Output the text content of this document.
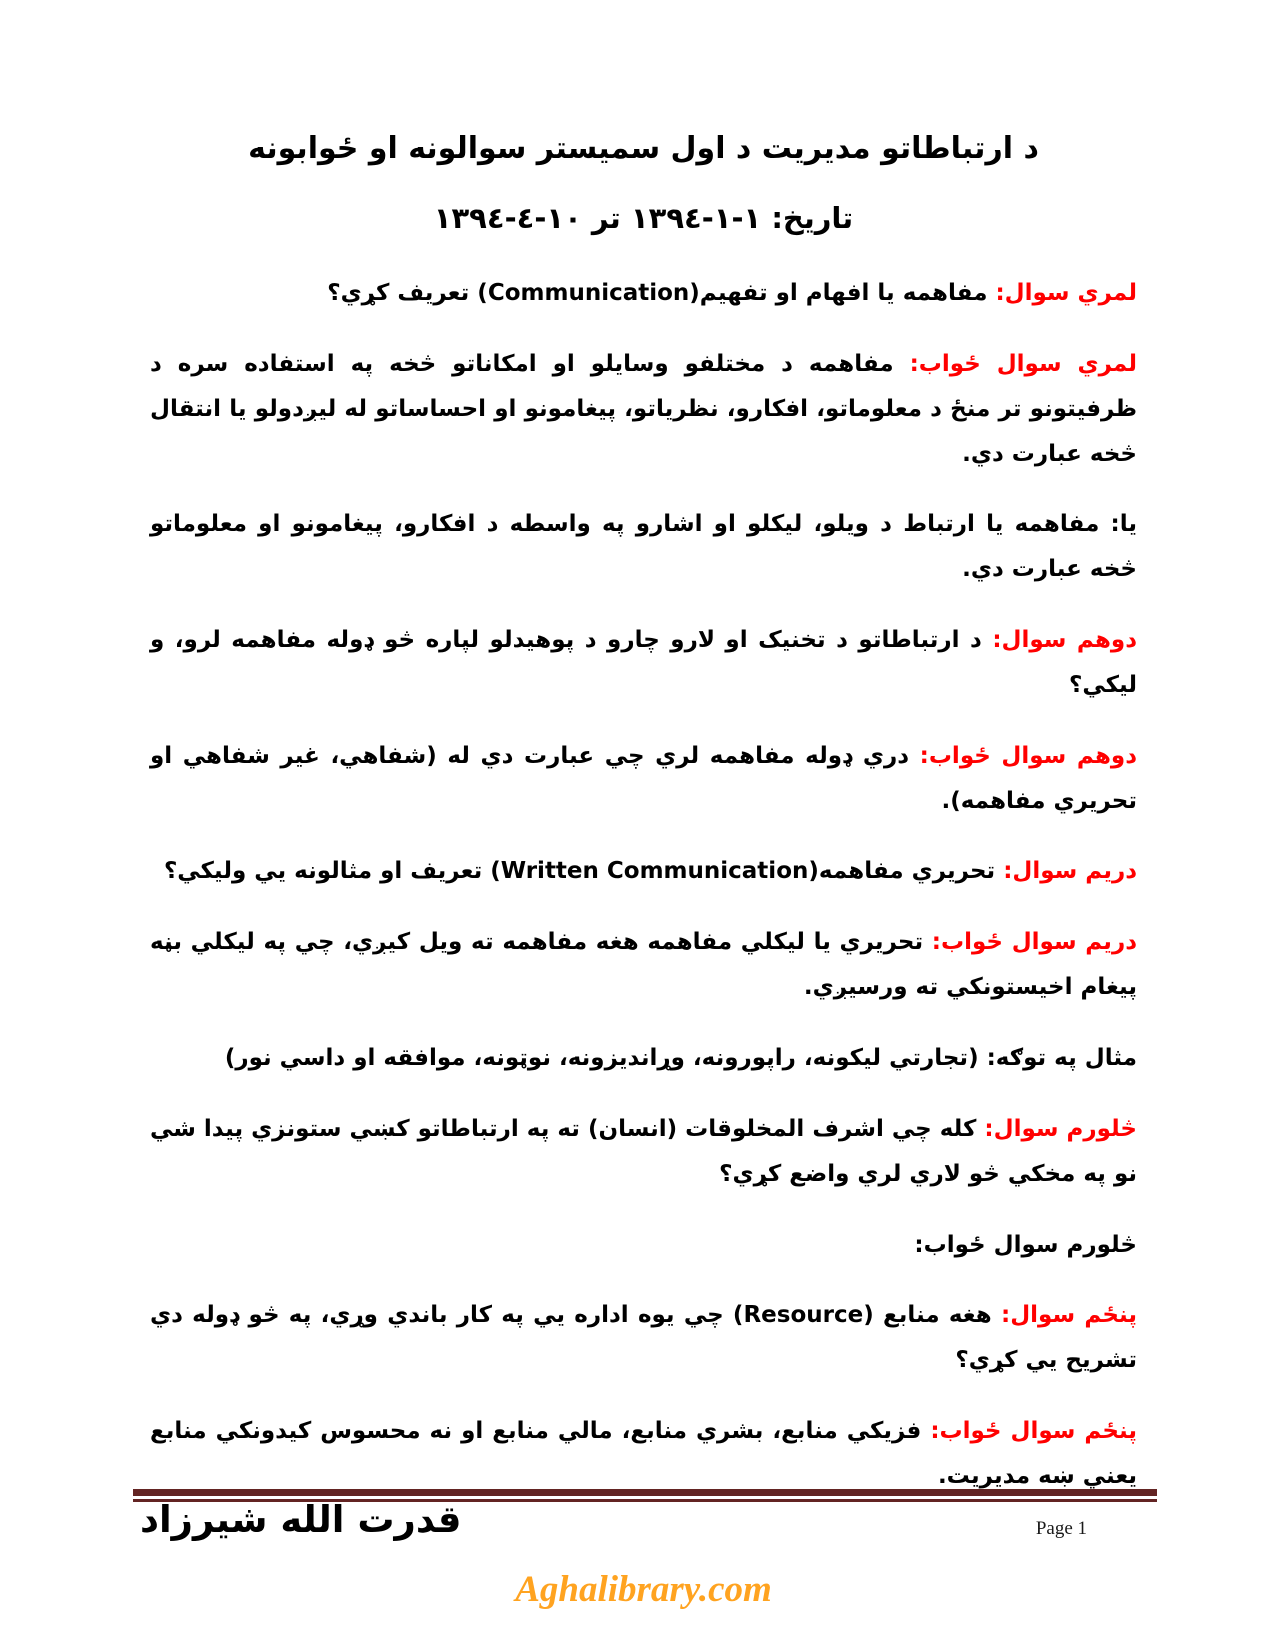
د ارتباطاتو مدیریت د اول سمیستر سوالونه او ځوابونه
تاریخ: ١-١-١٣٩٤ تر ١٠-٤-١٣٩٤

لمري سوال: مفاهمه یا افهام او تفهیم(Communication) تعریف کړي؟

لمري سوال ځواب: مفاهمه د مختلفو وسایلو او امکاناتو څخه په استفاده سره د ظرفیتونو تر منځ د معلوماتو، افکارو، نظریاتو، پیغامونو او احساساتو له لیږدولو یا انتقال څخه عبارت دي.

یا: مفاهمه یا ارتباط د ویلو، لیکلو او اشارو په واسطه د افکارو، پیغامونو او معلوماتو څخه عبارت دي.

دوهم سوال: د ارتباطاتو د تخنیک او لارو چارو د پوهیدلو لپاره څو ډوله مفاهمه لرو، و لیکي؟

دوهم سوال ځواب: دري ډوله مفاهمه لري چي عبارت دي له (شفاهي، غیر شفاهي او تحریري مفاهمه).

دریم سوال: تحریري مفاهمه(Written Communication) تعریف او مثالونه یي ولیکي؟

دریم سوال ځواب: تحریري یا لیکلي مفاهمه هغه مفاهمه ته ویل کیږي، چي په لیکلي بڼه پیغام اخیستونکي ته ورسیږي.

مثال په توګه: (تجارتي لیکونه، راپورونه، وړاندیزونه، نوټونه، موافقه او داسي نور)

څلورم سوال: کله چي اشرف المخلوقات (انسان) ته په ارتباطاتو کښي ستونزي پیدا شي نو په مخکي څو لاري لري واضع کړي؟

څلورم سوال ځواب:

پنځم سوال: هغه منابع (Resource) چي یوه اداره یي په کار باندي وړي، په څو ډوله دي تشریح یي کړي؟

پنځم سوال ځواب: فزیکي منابع، بشري منابع، مالي منابع او نه محسوس کیدونکي منابع یعني ښه مدیریت.

قدرت الله شیرزاد	Page 1
Aghalibrary.com
